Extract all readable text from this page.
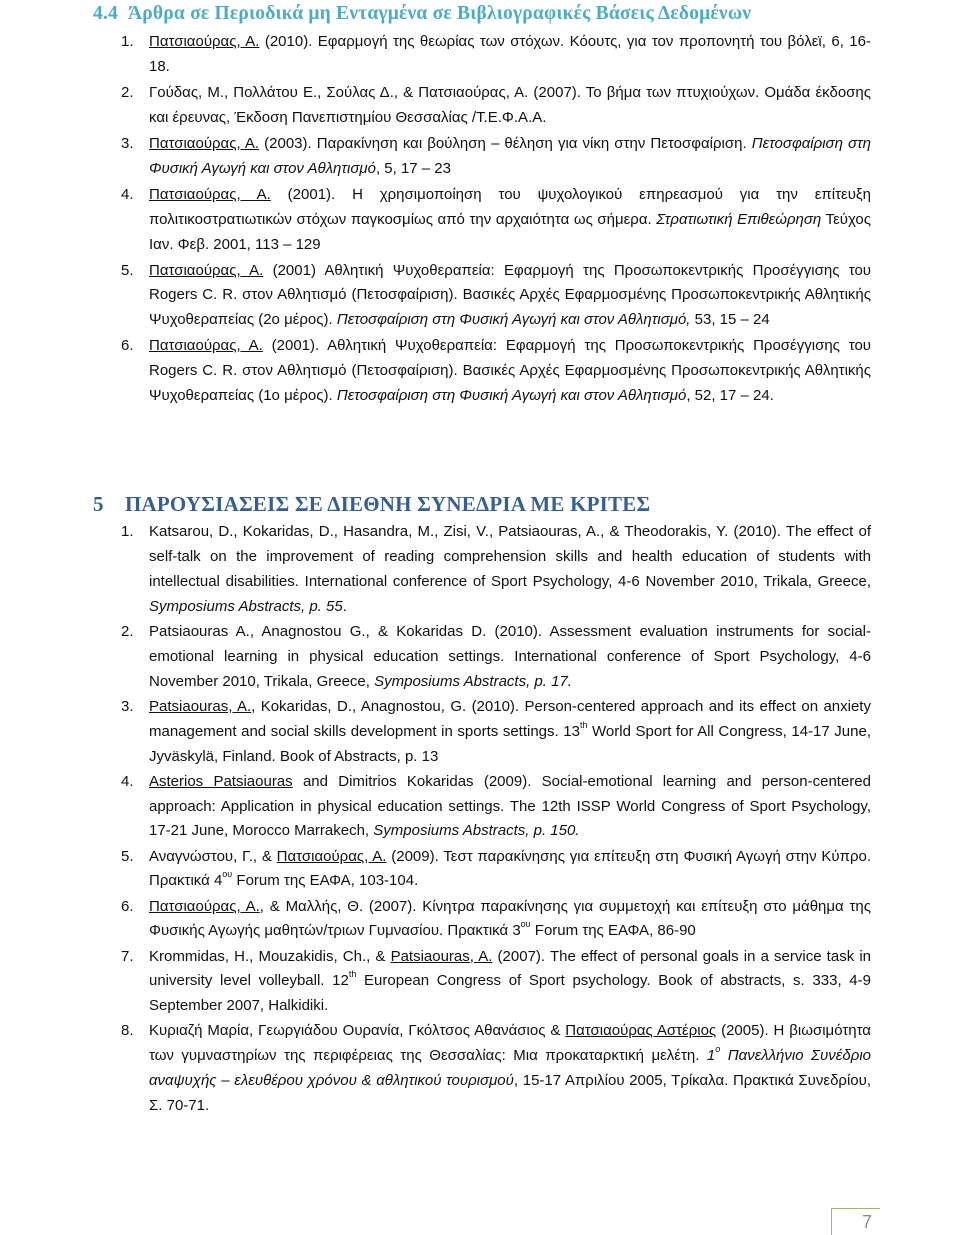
4.4 Άρθρα σε Περιοδικά μη Ενταγμένα σε Βιβλιογραφικές Βάσεις Δεδομένων
1. Πατσιαούρας, Α. (2010). Εφαρμογή της θεωρίας των στόχων. Κόουτς, για τον προπονητή του βόλεϊ, 6, 16-18.
2. Γούδας, Μ., Πολλάτου Ε., Σούλας Δ., & Πατσιαούρας, Α. (2007). Το βήμα των πτυχιούχων. Ομάδα έκδοσης και έρευνας, Έκδοση Πανεπιστημίου Θεσσαλίας /Τ.Ε.Φ.Α.Α.
3. Πατσιαούρας, Α. (2003). Παρακίνηση και βούληση – θέληση για νίκη στην Πετοσφαίριση. Πετοσφαίριση στη Φυσική Αγωγή και στον Αθλητισμό, 5, 17 – 23
4. Πατσιαούρας, Α. (2001). Η χρησιμοποίηση του ψυχολογικού επηρεασμού για την επίτευξη πολιτικοστρατιωτικών στόχων παγκοσμίως από την αρχαιότητα ως σήμερα. Στρατιωτική Επιθεώρηση Τεύχος Ιαν. Φεβ. 2001, 113 – 129
5. Πατσιαούρας, Α. (2001) Αθλητική Ψυχοθεραπεία: Εφαρμογή της Προσωποκεντρικής Προσέγγισης του Rogers C. R. στον Αθλητισμό (Πετοσφαίριση). Βασικές Αρχές Εφαρμοσμένης Προσωποκεντρικής Αθλητικής Ψυχοθεραπείας (2ο μέρος). Πετοσφαίριση στη Φυσική Αγωγή και στον Αθλητισμό, 53, 15 – 24
6. Πατσιαούρας, Α. (2001). Αθλητική Ψυχοθεραπεία: Εφαρμογή της Προσωποκεντρικής Προσέγγισης του Rogers C. R. στον Αθλητισμό (Πετοσφαίριση). Βασικές Αρχές Εφαρμοσμένης Προσωποκεντρικής Αθλητικής Ψυχοθεραπείας (1ο μέρος). Πετοσφαίριση στη Φυσική Αγωγή και στον Αθλητισμό, 52, 17 – 24.
5 ΠΑΡΟΥΣΙΑΣΕΙΣ ΣΕ ΔΙΕΘΝΗ ΣΥΝΕΔΡΙΑ ΜΕ ΚΡΙΤΕΣ
1. Katsarou, D., Kokaridas, D., Hasandra, M., Zisi, V., Patsiaouras, A., & Theodorakis, Y. (2010). The effect of self-talk on the improvement of reading comprehension skills and health education of students with intellectual disabilities. International conference of Sport Psychology, 4-6 November 2010, Trikala, Greece, Symposiums Abstracts, p. 55.
2. Patsiaouras A., Anagnostou G., & Kokaridas D. (2010). Assessment evaluation instruments for social-emotional learning in physical education settings. International conference of Sport Psychology, 4-6 November 2010, Trikala, Greece, Symposiums Abstracts, p. 17.
3. Patsiaouras, A., Kokaridas, D., Anagnostou, G. (2010). Person-centered approach and its effect on anxiety management and social skills development in sports settings. 13th World Sport for All Congress, 14-17 June, Jyväskylä, Finland. Book of Abstracts, p. 13
4. Asterios Patsiaouras and Dimitrios Kokaridas (2009). Social-emotional learning and person-centered approach: Application in physical education settings. The 12th ISSP World Congress of Sport Psychology, 17-21 June, Morocco Marrakech, Symposiums Abstracts, p. 150.
5. Αναγνώστου, Γ., & Πατσιαούρας, Α. (2009). Τεστ παρακίνησης για επίτευξη στη Φυσική Αγωγή στην Κύπρο. Πρακτικά $4^{o\upsilon}$ Forum της ΕΑΦΑ, 103-104.
6. Πατσιαούρας, Α., & Μαλλής, Θ. (2007). Κίνητρα παρακίνησης για συμμετοχή και επίτευξη στο μάθημα της Φυσικής Αγωγής μαθητών/τριων Γυμνασίου. Πρακτικά $3^{o\upsilon}$ Forum της ΕΑΦΑ, 86-90
7. Krommidas, H., Mouzakidis, Ch., & Patsiaouras, A. (2007). The effect of personal goals in a service task in university level volleyball. 12th European Congress of Sport psychology. Book of abstracts, s. 333, 4-9 September 2007, Halkidiki.
8. Κυριαζή Μαρία, Γεωργιάδου Ουρανία, Γκόλτσος Αθανάσιος & Πατσιαούρας Αστέριος (2005). Η βιωσιμότητα των γυμναστηρίων της περιφέρειας της Θεσσαλίας: Μια προκαταρκτική μελέτη. $1^o$ Πανελλήνιο Συνέδριο αναψυχής – ελευθέρου χρόνου & αθλητικού τουρισμού, 15-17 Απριλίου 2005, Τρίκαλα. Πρακτικά Συνεδρίου, Σ. 70-71.
7
